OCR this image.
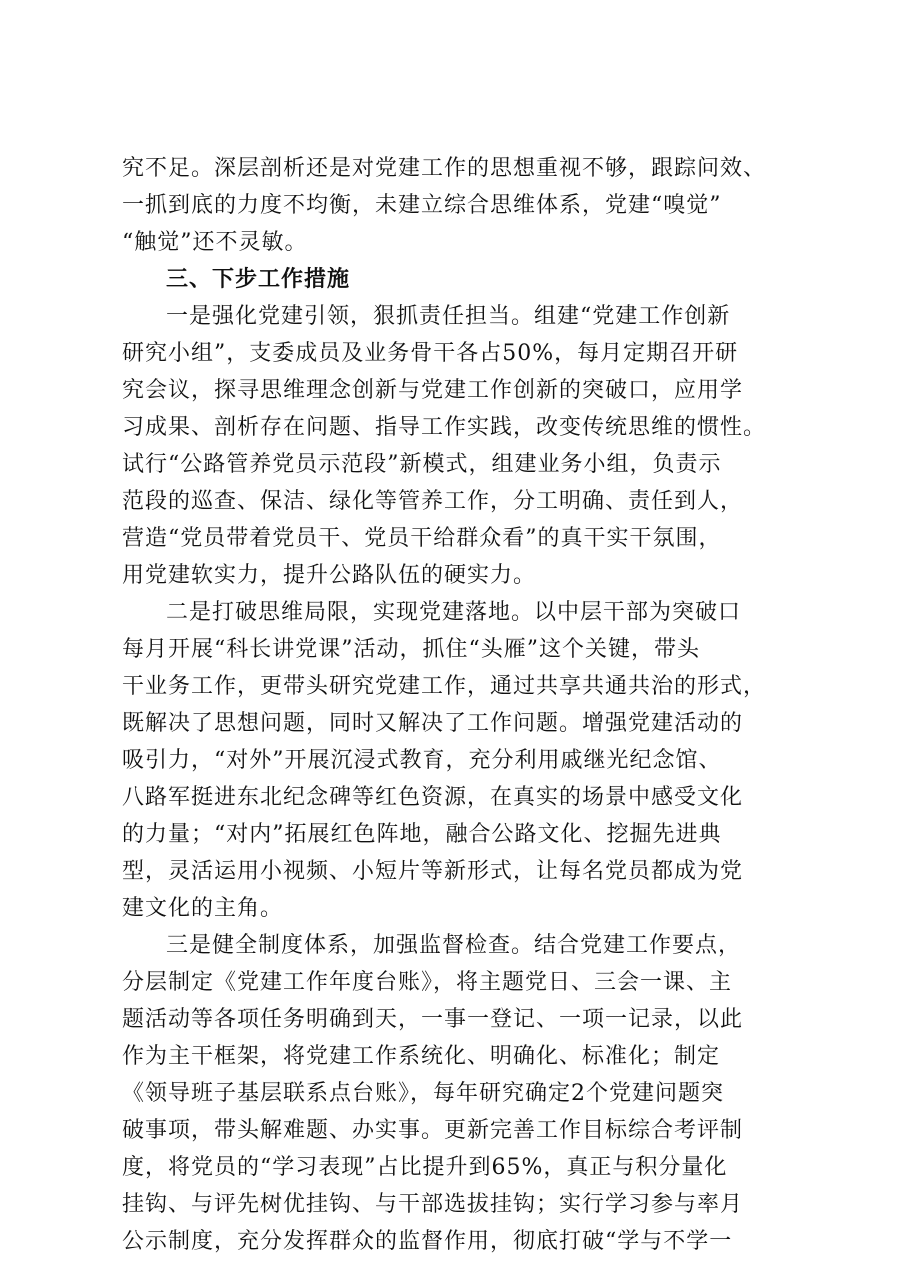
究不足。深层剖析还是对党建工作的思想重视不够，跟踪问效、
一抓到底的力度不均衡，未建立综合思维体系，党建“嗅觉”
“触觉”还不灵敏。
三、下步工作措施
一是强化党建引领，狠抓责任担当。组建“党建工作创新
研究小组”，支委成员及业务骨干各占50%，每月定期召开研
究会议，探寻思维理念创新与党建工作创新的突破口，应用学
习成果、剖析存在问题、指导工作实践，改变传统思维的惯性。
试行“公路管养党员示范段”新模式，组建业务小组，负责示
范段的巡查、保洁、绿化等管养工作，分工明确、责任到人，
营造“党员带着党员干、党员干给群众看”的真干实干氛围，
用党建软实力，提升公路队伍的硬实力。
二是打破思维局限，实现党建落地。以中层干部为突破口
每月开展“科长讲党课”活动，抓住“头雁”这个关键，带头
干业务工作，更带头研究党建工作，通过共享共通共治的形式，
既解决了思想问题，同时又解决了工作问题。增强党建活动的
吸引力，“对外”开展沉浸式教育，充分利用戚继光纪念馆、
八路军挺进东北纪念碑等红色资源，在真实的场景中感受文化
的力量；“对内”拓展红色阵地，融合公路文化、挖掘先进典
型，灵活运用小视频、小短片等新形式，让每名党员都成为党
建文化的主角。
三是健全制度体系，加强监督检查。结合党建工作要点，
分层制定《党建工作年度台账》，将主题党日、三会一课、主
题活动等各项任务明确到天，一事一登记、一项一记录，以此
作为主干框架，将党建工作系统化、明确化、标准化；制定
《领导班子基层联系点台账》，每年研究确定2个党建问题突
破事项，带头解难题、办实事。更新完善工作目标综合考评制
度，将党员的“学习表现”占比提升到65%，真正与积分量化
挂钩、与评先树优挂钩、与干部选拔挂钩；实行学习参与率月
公示制度，充分发挥群众的监督作用，彻底打破“学与不学一
